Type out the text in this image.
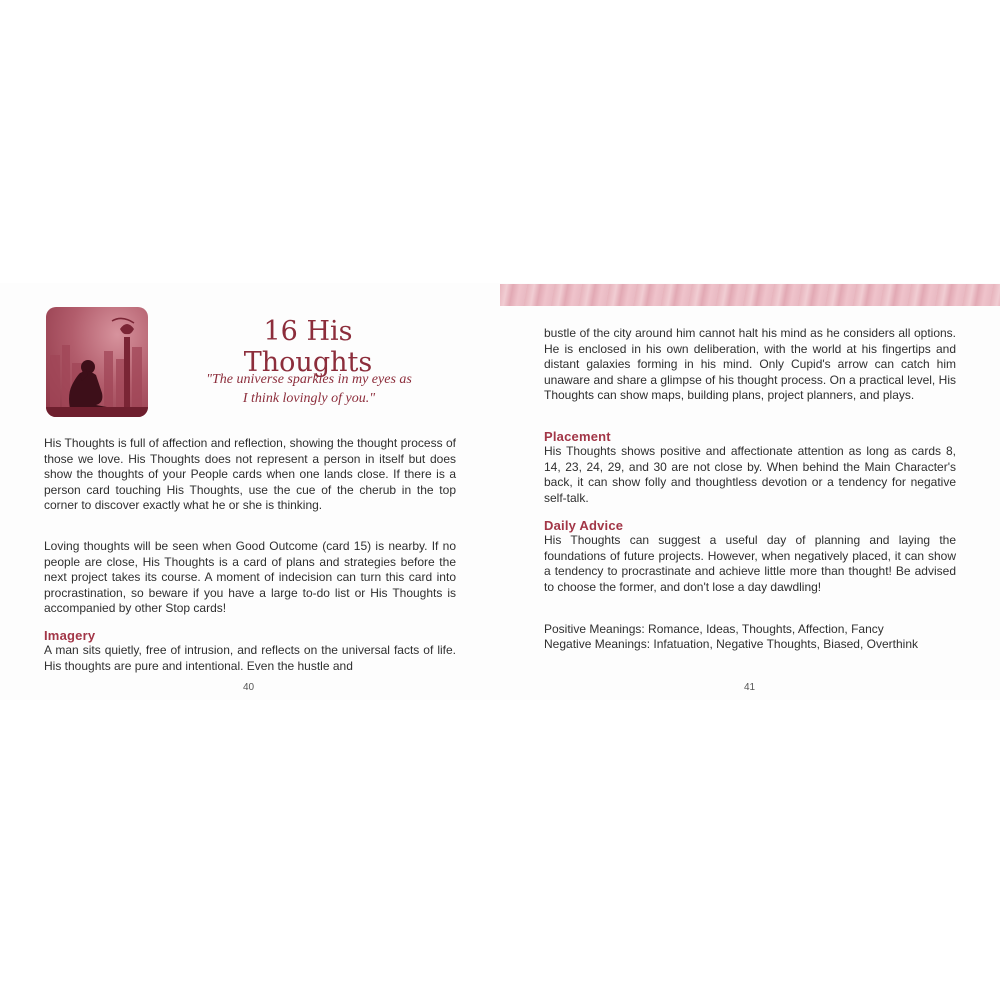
16 His Thoughts

"The universe sparkles in my eyes as
I think lovingly of you."

His Thoughts is full of affection and reflection, showing the thought process of those we love. His Thoughts does not represent a person in itself but does show the thoughts of your People cards when one lands close. If there is a person card touching His Thoughts, use the cue of the cherub in the top corner to discover exactly what he or she is thinking.

Loving thoughts will be seen when Good Outcome (card 15) is nearby. If no people are close, His Thoughts is a card of plans and strategies before the next project takes its course. A moment of indecision can turn this card into procrastination, so beware if you have a large to-do list or His Thoughts is accompanied by other Stop cards!

Imagery

A man sits quietly, free of intrusion, and reflects on the universal facts of life. His thoughts are pure and intentional. Even the hustle and

40

bustle of the city around him cannot halt his mind as he considers all options. He is enclosed in his own deliberation, with the world at his fingertips and distant galaxies forming in his mind. Only Cupid's arrow can catch him unaware and share a glimpse of his thought process. On a practical level, His Thoughts can show maps, building plans, project planners, and plays.

Placement

His Thoughts shows positive and affectionate attention as long as cards 8, 14, 23, 24, 29, and 30 are not close by. When behind the Main Character's back, it can show folly and thoughtless devotion or a tendency for negative self-talk.

Daily Advice

His Thoughts can suggest a useful day of planning and laying the foundations of future projects. However, when negatively placed, it can show a tendency to procrastinate and achieve little more than thought! Be advised to choose the former, and don't lose a day dawdling!

Positive Meanings: Romance, Ideas, Thoughts, Affection, Fancy

Negative Meanings: Infatuation, Negative Thoughts, Biased, Overthink

41
